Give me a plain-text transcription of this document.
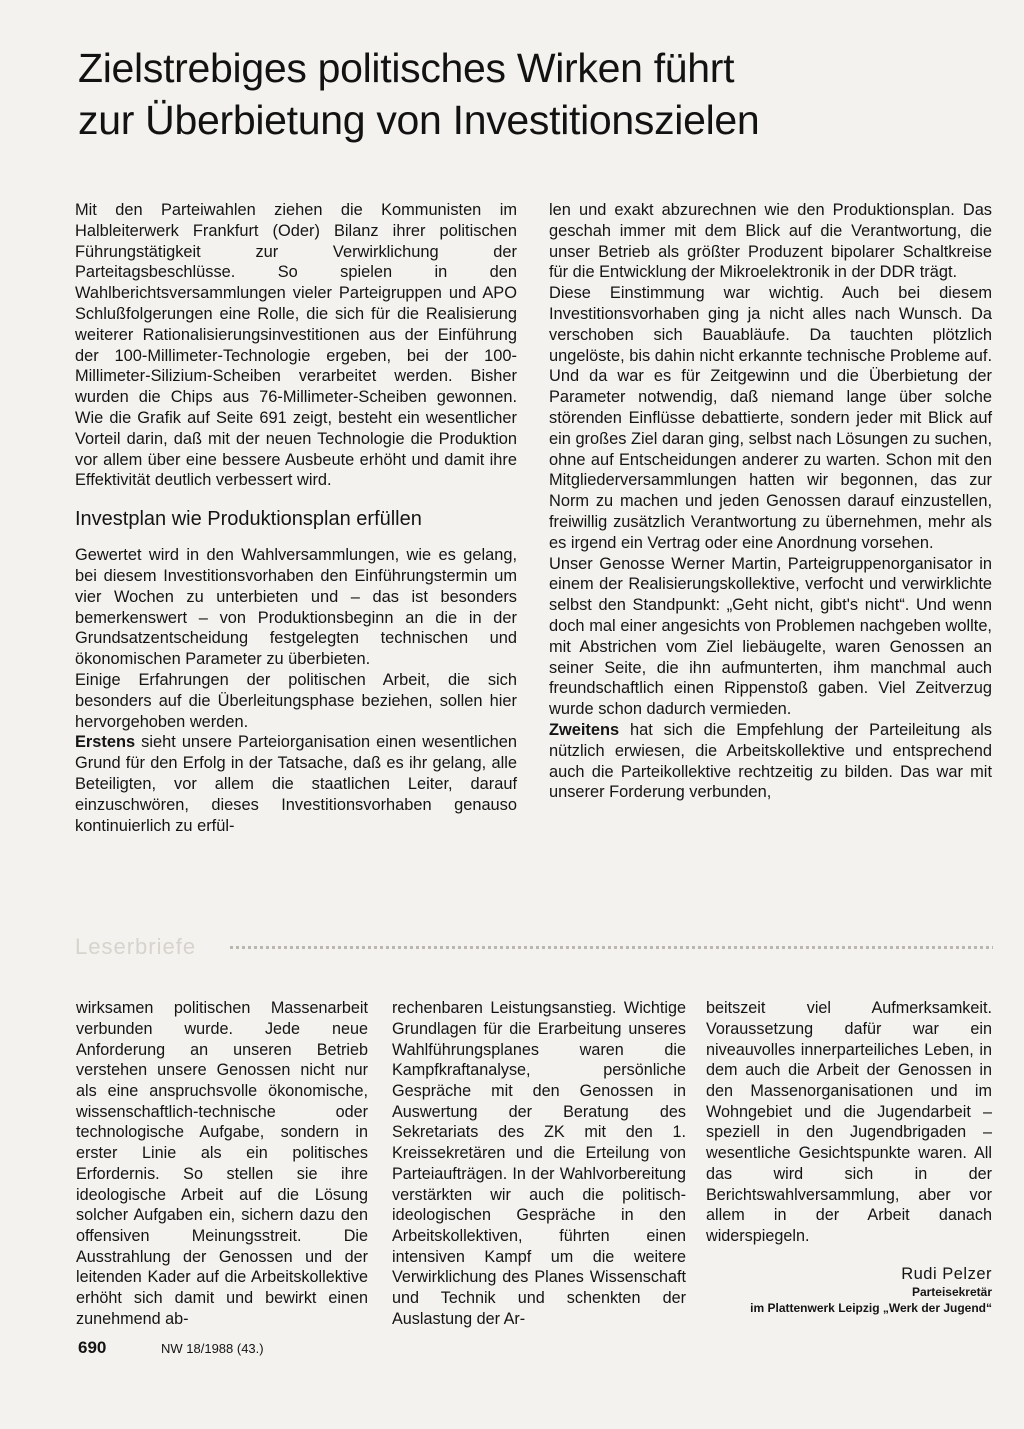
Zielstrebiges politisches Wirken führt
zur Überbietung von Investitionszielen

Mit den Parteiwahlen ziehen die Kommunisten im Halbleiterwerk Frankfurt (Oder) Bilanz ihrer politischen Führungstätigkeit zur Verwirklichung der Parteitagsbeschlüsse. So spielen in den Wahlberichtsversammlungen vieler Parteigruppen und APO Schlußfolgerungen eine Rolle, die sich für die Realisierung weiterer Rationalisierungsinvestitionen aus der Einführung der 100-Millimeter-Technologie ergeben, bei der 100-Millimeter-Silizium-Scheiben verarbeitet werden. Bisher wurden die Chips aus 76-Millimeter-Scheiben gewonnen. Wie die Grafik auf Seite 691 zeigt, besteht ein wesentlicher Vorteil darin, daß mit der neuen Technologie die Produktion vor allem über eine bessere Ausbeute erhöht und damit ihre Effektivität deutlich verbessert wird.

Investplan wie Produktionsplan erfüllen

Gewertet wird in den Wahlversammlungen, wie es gelang, bei diesem Investitionsvorhaben den Einführungstermin um vier Wochen zu unterbieten und – das ist besonders bemerkenswert – von Produktionsbeginn an die in der Grundsatzentscheidung festgelegten technischen und ökonomischen Parameter zu überbieten.

Einige Erfahrungen der politischen Arbeit, die sich besonders auf die Überleitungsphase beziehen, sollen hier hervorgehoben werden.

Erstens sieht unsere Parteiorganisation einen wesentlichen Grund für den Erfolg in der Tatsache, daß es ihr gelang, alle Beteiligten, vor allem die staatlichen Leiter, darauf einzuschwören, dieses Investitionsvorhaben genauso kontinuierlich zu erfül-

len und exakt abzurechnen wie den Produktionsplan. Das geschah immer mit dem Blick auf die Verantwortung, die unser Betrieb als größter Produzent bipolarer Schaltkreise für die Entwicklung der Mikroelektronik in der DDR trägt.

Diese Einstimmung war wichtig. Auch bei diesem Investitionsvorhaben ging ja nicht alles nach Wunsch. Da verschoben sich Bauabläufe. Da tauchten plötzlich ungelöste, bis dahin nicht erkannte technische Probleme auf. Und da war es für Zeitgewinn und die Überbietung der Parameter notwendig, daß niemand lange über solche störenden Einflüsse debattierte, sondern jeder mit Blick auf ein großes Ziel daran ging, selbst nach Lösungen zu suchen, ohne auf Entscheidungen anderer zu warten. Schon mit den Mitgliederversammlungen hatten wir begonnen, das zur Norm zu machen und jeden Genossen darauf einzustellen, freiwillig zusätzlich Verantwortung zu übernehmen, mehr als es irgend ein Vertrag oder eine Anordnung vorsehen.

Unser Genosse Werner Martin, Parteigruppenorganisator in einem der Realisierungskollektive, verfocht und verwirklichte selbst den Standpunkt: „Geht nicht, gibt's nicht“. Und wenn doch mal einer angesichts von Problemen nachgeben wollte, mit Abstrichen vom Ziel liebäugelte, waren Genossen an seiner Seite, die ihn aufmunterten, ihm manchmal auch freundschaftlich einen Rippenstoß gaben. Viel Zeitverzug wurde schon dadurch vermieden.

Zweitens hat sich die Empfehlung der Parteileitung als nützlich erwiesen, die Arbeitskollektive und entsprechend auch die Parteikollektive rechtzeitig zu bilden. Das war mit unserer Forderung verbunden,

Leserbriefe

wirksamen politischen Massenarbeit verbunden wurde. Jede neue Anforderung an unseren Betrieb verstehen unsere Genossen nicht nur als eine anspruchsvolle ökonomische, wissenschaftlich-technische oder technologische Aufgabe, sondern in erster Linie als ein politisches Erfordernis. So stellen sie ihre ideologische Arbeit auf die Lösung solcher Aufgaben ein, sichern dazu den offensiven Meinungsstreit. Die Ausstrahlung der Genossen und der leitenden Kader auf die Arbeitskollektive erhöht sich damit und bewirkt einen zunehmend ab-

rechenbaren Leistungsanstieg. Wichtige Grundlagen für die Erarbeitung unseres Wahlführungsplanes waren die Kampfkraftanalyse, persönliche Gespräche mit den Genossen in Auswertung der Beratung des Sekretariats des ZK mit den 1. Kreissekretären und die Erteilung von Parteiaufträgen. In der Wahlvorbereitung verstärkten wir auch die politisch-ideologischen Gespräche in den Arbeitskollektiven, führten einen intensiven Kampf um die weitere Verwirklichung des Planes Wissenschaft und Technik und schenkten der Auslastung der Ar-

beitszeit viel Aufmerksamkeit. Voraussetzung dafür war ein niveauvolles innerparteiliches Leben, in dem auch die Arbeit der Genossen in den Massenorganisationen und im Wohngebiet und die Jugendarbeit – speziell in den Jugendbrigaden – wesentliche Gesichtspunkte waren. All das wird sich in der Berichtswahlversammlung, aber vor allem in der Arbeit danach widerspiegeln.

Rudi Pelzer
Parteisekretär
im Plattenwerk Leipzig „Werk der Jugend“
690	NW 18/1988 (43.)
